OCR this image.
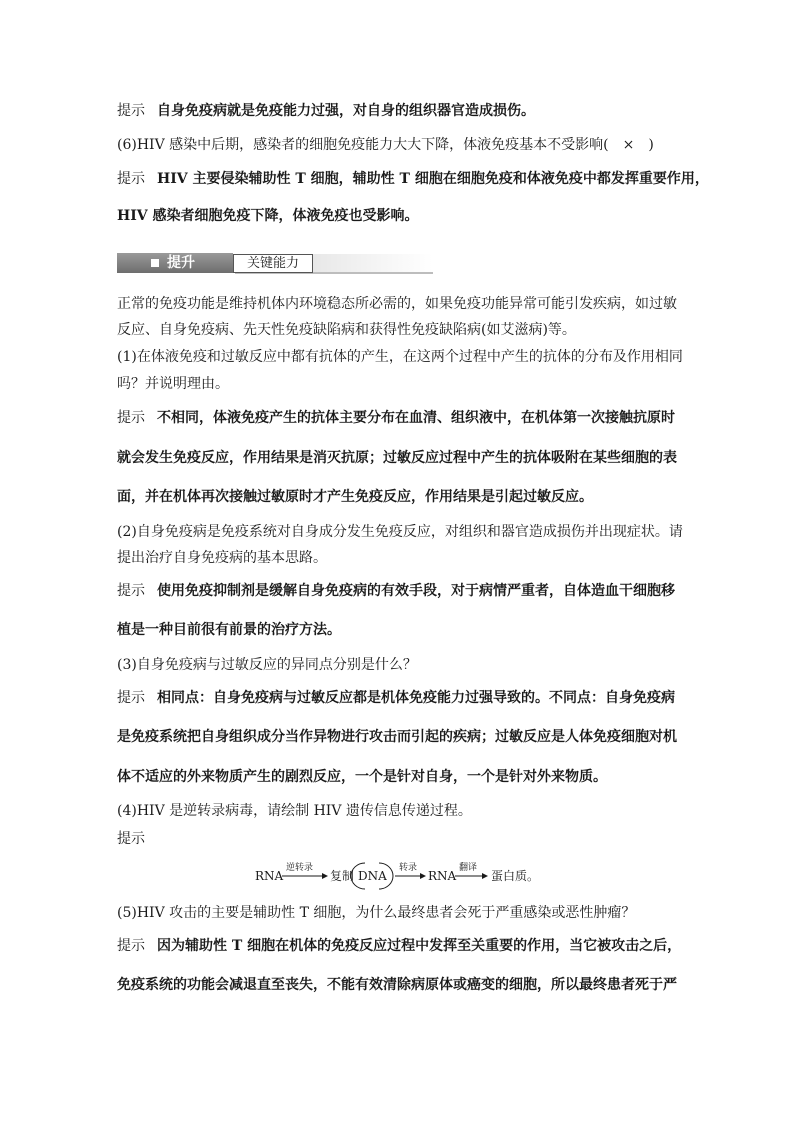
提示 自身免疫病就是免疫能力过强，对自身的组织器官造成损伤。
(6)HIV 感染中后期，感染者的细胞免疫能力大大下降，体液免疫基本不受影响(　×　)
提示 HIV 主要侵染辅助性 T 细胞，辅助性 T 细胞在细胞免疫和体液免疫中都发挥重要作用，
HIV 感染者细胞免疫下降，体液免疫也受影响。
提升	关键能力
正常的免疫功能是维持机体内环境稳态所必需的，如果免疫功能异常可能引发疾病，如过敏
反应、自身免疫病、先天性免疫缺陷病和获得性免疫缺陷病(如艾滋病)等。
(1)在体液免疫和过敏反应中都有抗体的产生，在这两个过程中产生的抗体的分布及作用相同
吗？并说明理由。
提示 不相同，体液免疫产生的抗体主要分布在血清、组织液中，在机体第一次接触抗原时
就会发生免疫反应，作用结果是消灭抗原；过敏反应过程中产生的抗体吸附在某些细胞的表
面，并在机体再次接触过敏原时才产生免疫反应，作用结果是引起过敏反应。
(2)自身免疫病是免疫系统对自身成分发生免疫反应，对组织和器官造成损伤并出现症状。请
提出治疗自身免疫病的基本思路。
提示 使用免疫抑制剂是缓解自身免疫病的有效手段，对于病情严重者，自体造血干细胞移
植是一种目前很有前景的治疗方法。
(3)自身免疫病与过敏反应的异同点分别是什么？
提示 相同点：自身免疫病与过敏反应都是机体免疫能力过强导致的。不同点：自身免疫病
是免疫系统把自身组织成分当作异物进行攻击而引起的疾病；过敏反应是人体免疫细胞对机
体不适应的外来物质产生的剧烈反应，一个是针对自身，一个是针对外来物质。
(4)HIV 是逆转录病毒，请绘制 HIV 遗传信息传递过程。
提示
RNA
逆转录
复制 DNA
转录
RNA
翻译
蛋白质。
(5)HIV 攻击的主要是辅助性 T 细胞，为什么最终患者会死于严重感染或恶性肿瘤？
提示 因为辅助性 T 细胞在机体的免疫反应过程中发挥至关重要的作用，当它被攻击之后，
免疫系统的功能会减退直至丧失，不能有效清除病原体或癌变的细胞，所以最终患者死于严
